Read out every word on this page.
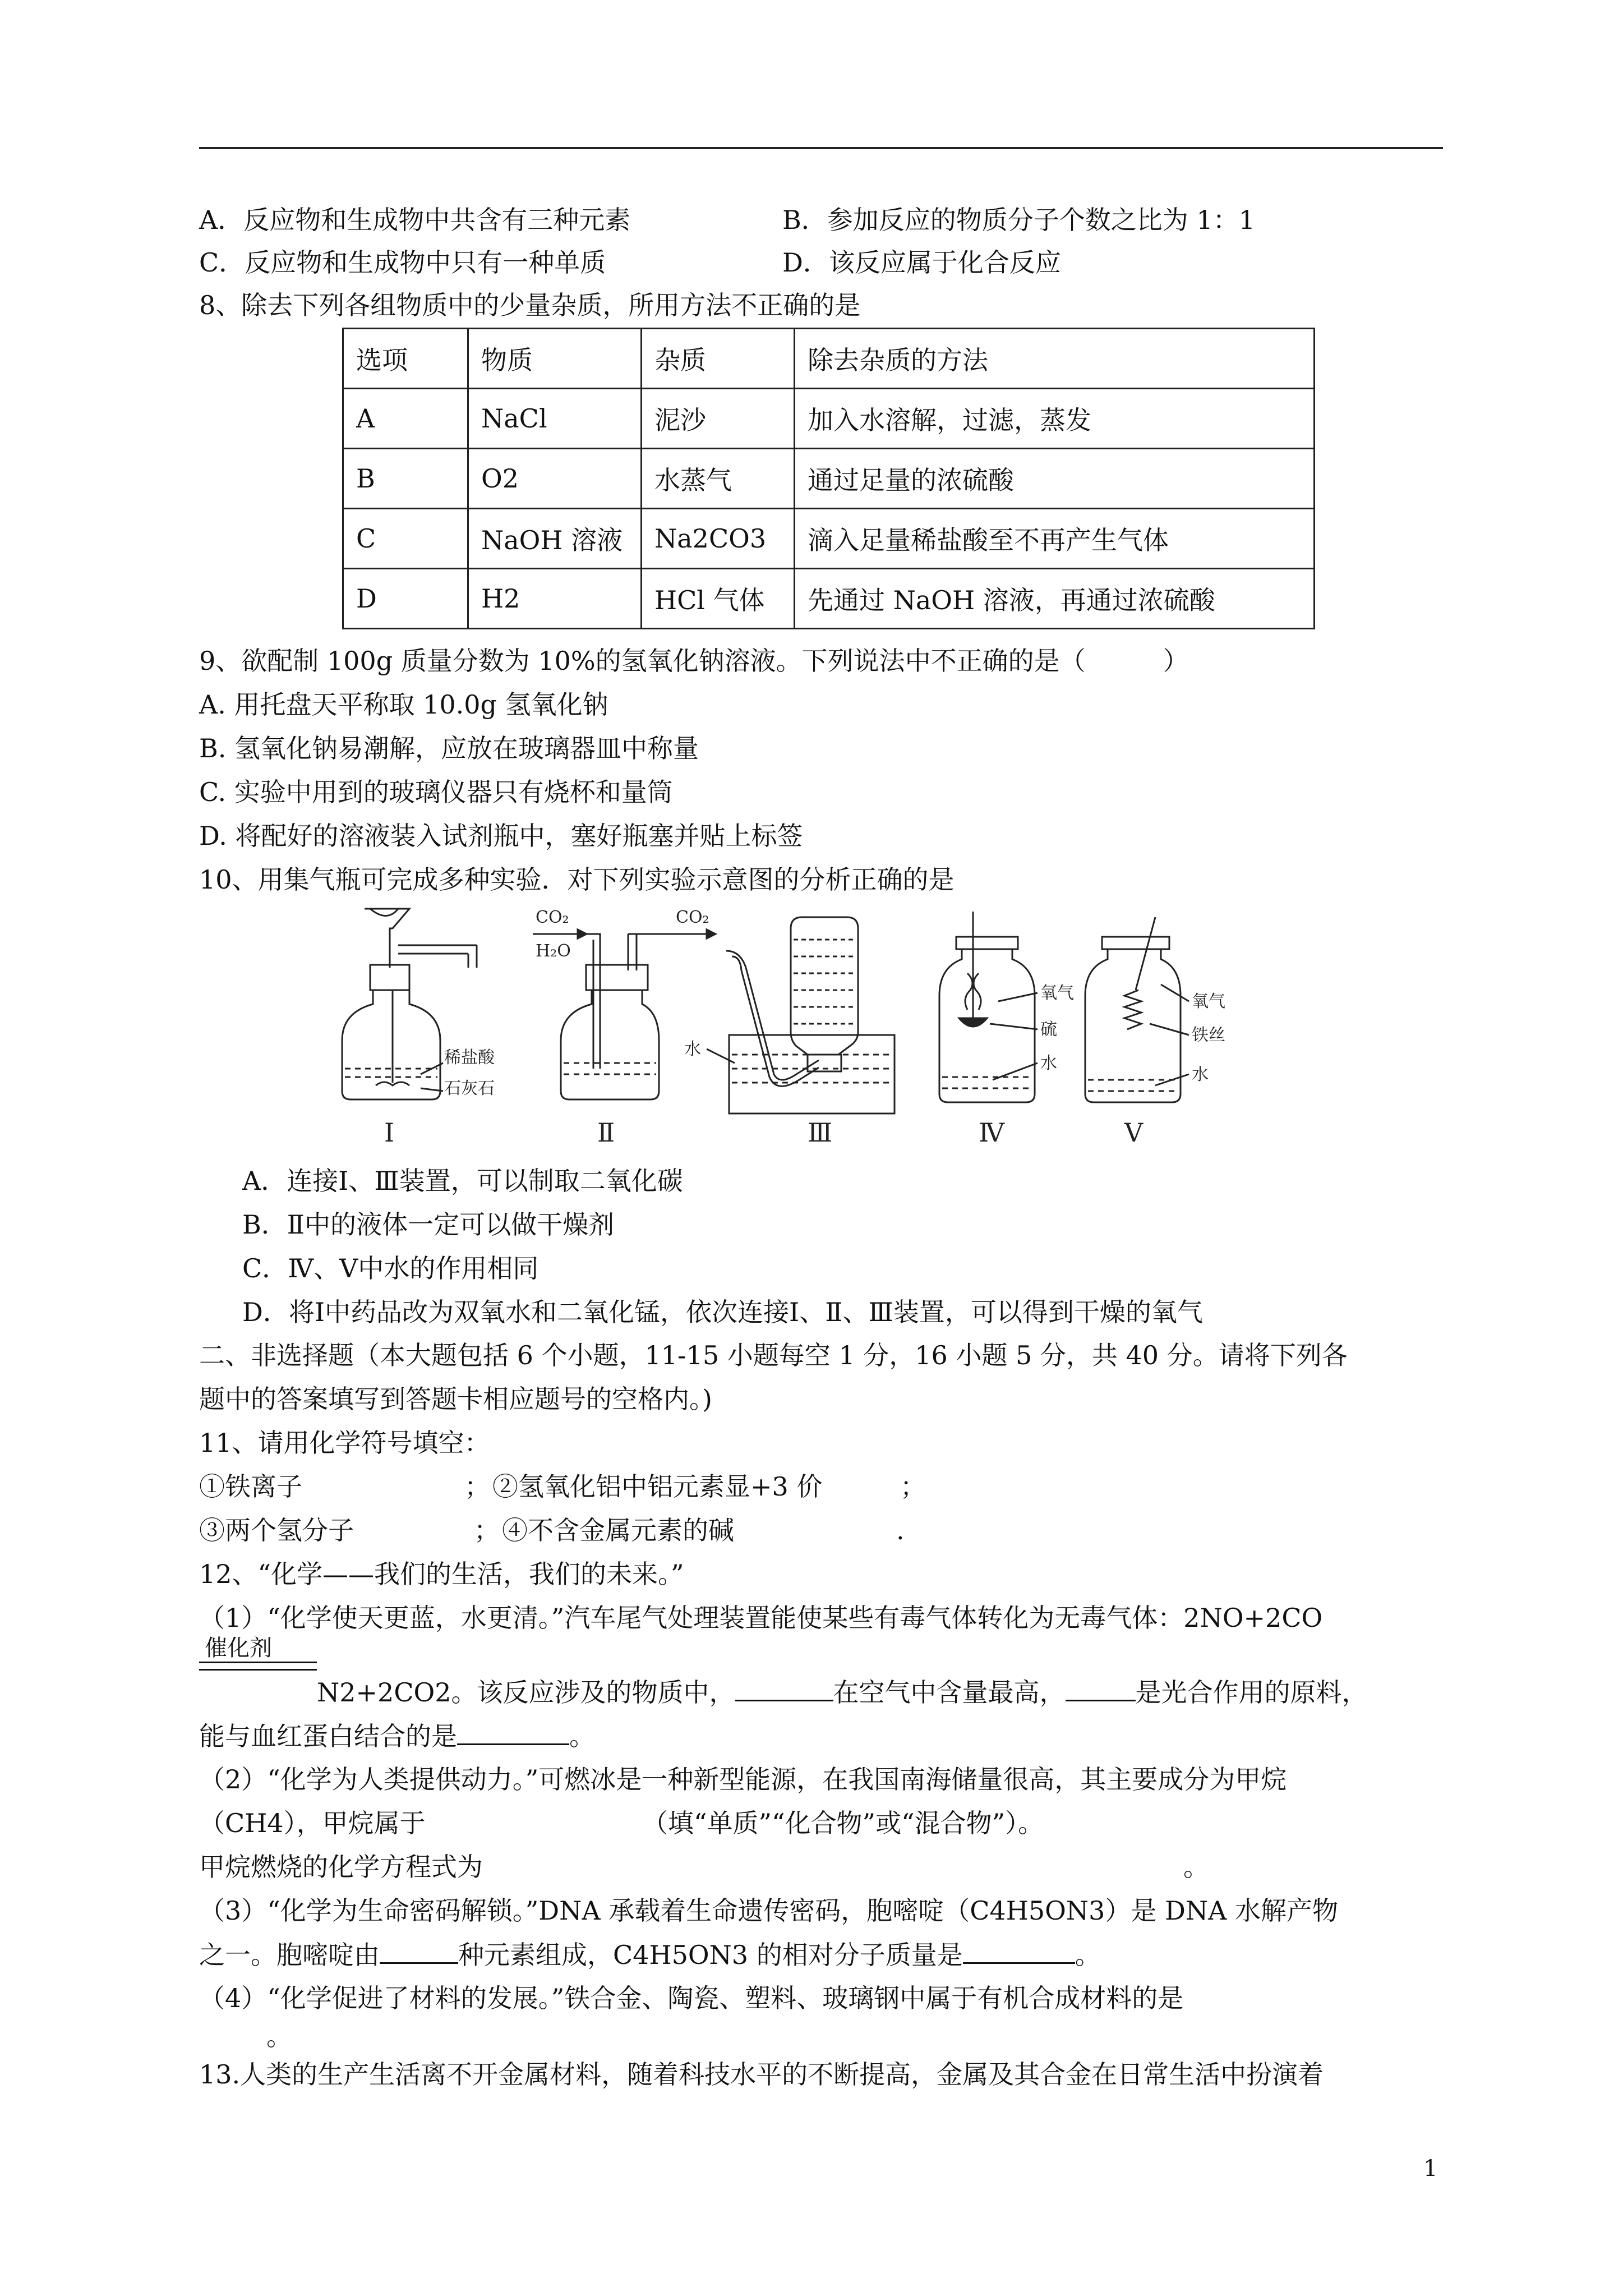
A．反应物和生成物中共含有三种元素	B．参加反应的物质分子个数之比为 1：1
C．反应物和生成物中只有一种单质	D．该反应属于化合反应
8、除去下列各组物质中的少量杂质，所用方法不正确的是
选项	物质	杂质	除去杂质的方法
A	NaCl	泥沙	加入水溶解，过滤，蒸发
B	O2	水蒸气	通过足量的浓硫酸
C	NaOH 溶液	Na2CO3	滴入足量稀盐酸至不再产生气体
D	H2	HCl 气体	先通过 NaOH 溶液，再通过浓硫酸
9、欲配制 100g 质量分数为 10%的氢氧化钠溶液。下列说法中不正确的是（　　　）
A. 用托盘天平称取 10.0g 氢氧化钠
B. 氢氧化钠易潮解，应放在玻璃器皿中称量
C. 实验中用到的玻璃仪器只有烧杯和量筒
D. 将配好的溶液装入试剂瓶中，塞好瓶塞并贴上标签
10、用集气瓶可完成多种实验．对下列实验示意图的分析正确的是
稀盐酸
石灰石
Ⅰ
CO₂
H₂O
CO₂
Ⅱ
水
Ⅲ
氧气
硫
水
Ⅳ
氧气
铁丝
水
Ⅴ
A．连接Ⅰ、Ⅲ装置，可以制取二氧化碳
B．Ⅱ中的液体一定可以做干燥剂
C．Ⅳ、Ⅴ中水的作用相同
D．将Ⅰ中药品改为双氧水和二氧化锰，依次连接Ⅰ、Ⅱ、Ⅲ装置，可以得到干燥的氧气
二、非选择题（本大题包括 6 个小题，11-15 小题每空 1 分，16 小题 5 分，共 40 分。请将下列各
题中的答案填写到答题卡相应题号的空格内。)
11、请用化学符号填空：
①铁离子	； ②氢氧化铝中铝元素显+3 价	；
③两个氢分子	； ④不含金属元素的碱	.
12、“化学——我们的生活，我们的未来。”
（1）“化学使天更蓝，水更清。”汽车尾气处理装置能使某些有毒气体转化为无毒气体：2NO+2CO
催化剂
N2+2CO2。该反应涉及的物质中，	在空气中含量最高，	是光合作用的原料，
能与血红蛋白结合的是	。
（2）“化学为人类提供动力。”可燃冰是一种新型能源，在我国南海储量很高，其主要成分为甲烷
（CH4），甲烷属于	（填“单质”“化合物”或“混合物”）。
甲烷燃烧的化学方程式为	。
（3）“化学为生命密码解锁。”DNA 承载着生命遗传密码，胞嘧啶（C4H5ON3）是 DNA 水解产物
之一。胞嘧啶由	种元素组成，C4H5ON3 的相对分子质量是	。
（4）“化学促进了材料的发展。”铁合金、陶瓷、塑料、玻璃钢中属于有机合成材料的是
。
13.人类的生产生活离不开金属材料，随着科技水平的不断提高，金属及其合金在日常生活中扮演着
1
